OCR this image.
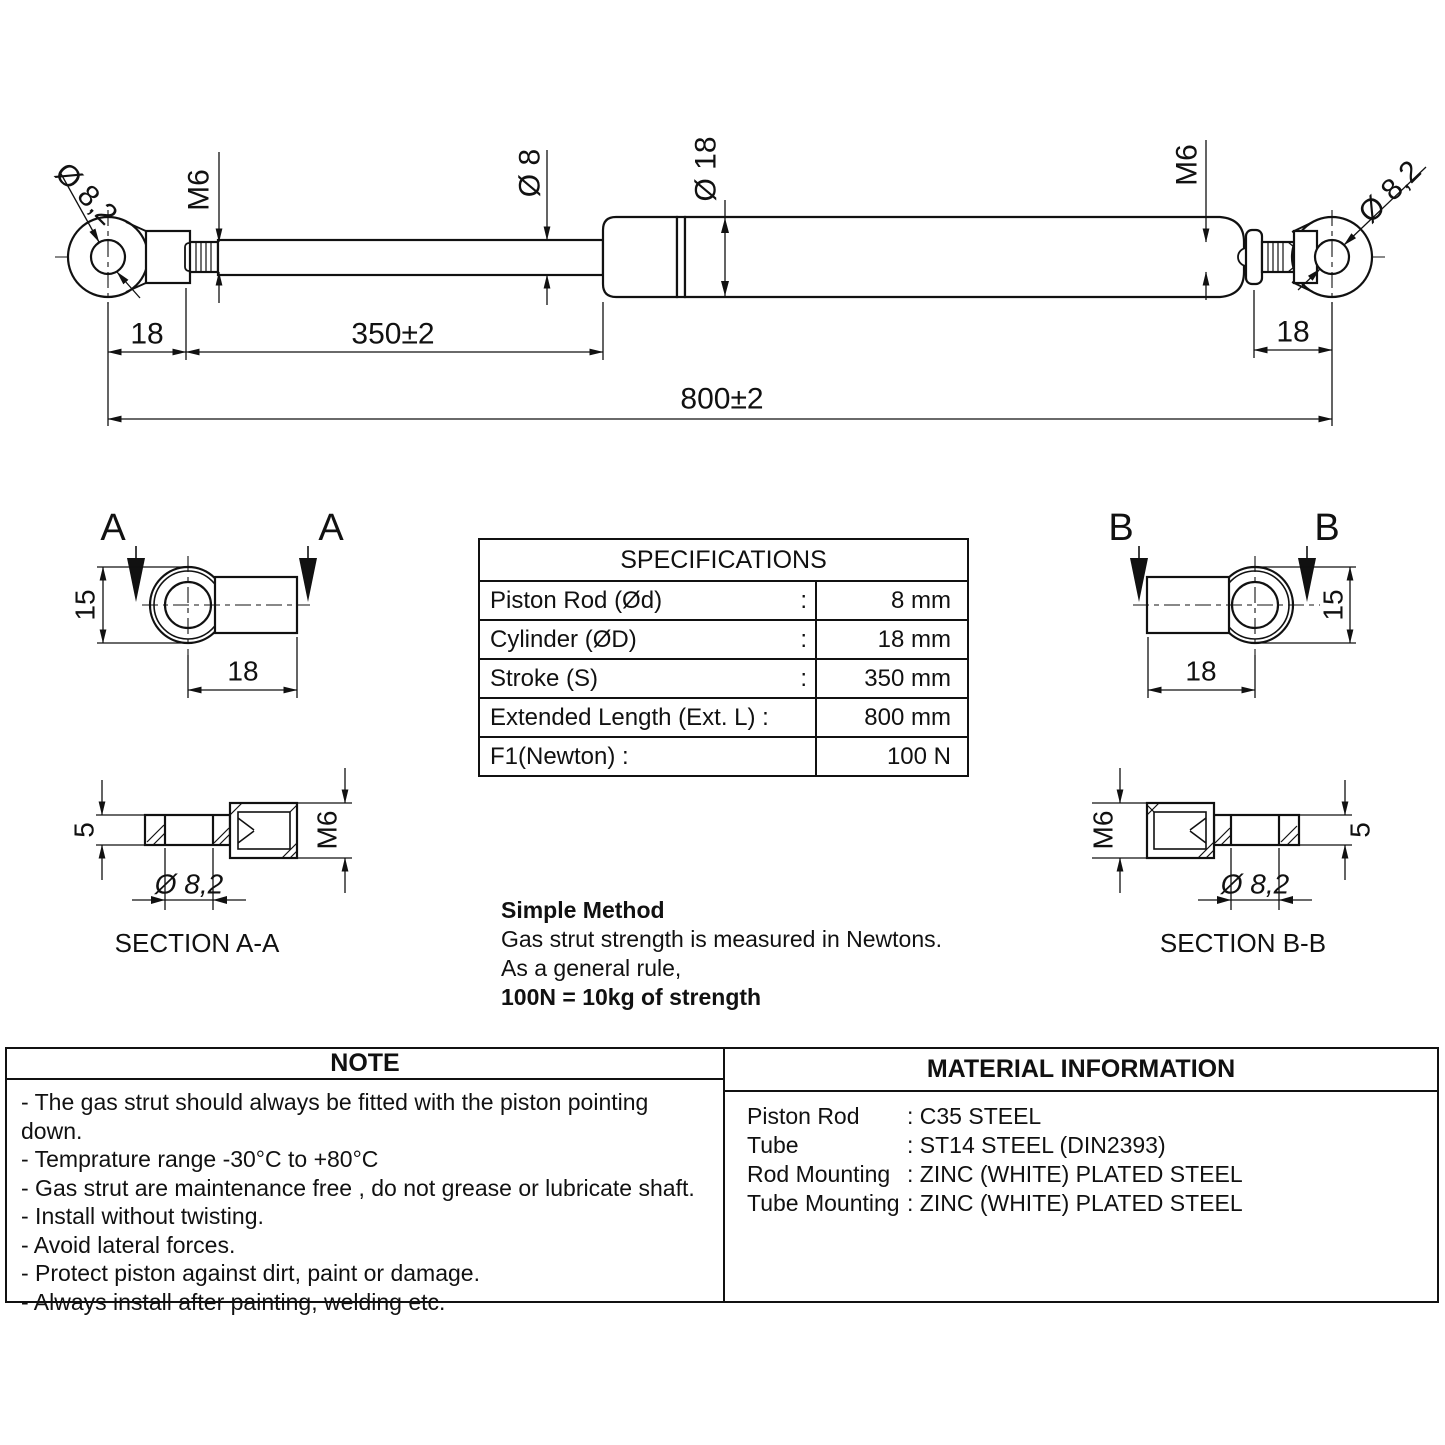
Ø 8,2 M6	Ø 8	Ø 18	M6	Ø 8,2
18	350±2
800±2
18
A	A
15
18
5	M6
Ø 8,2
SECTION A-A
B	B
15
18
M6	5
Ø 8,2
SECTION B-B
SPECIFICATIONS
Piston Rod (Ød)	:	8 mm
Cylinder (ØD)	:	18 mm
Stroke (S)	:	350 mm
Extended Length (Ext. L) :	800 mm
F1(Newton) :	100 N
Simple Method
Gas strut strength is measured in Newtons.
As a general rule,
100N = 10kg of strength
NOTE
- The gas strut should always be fitted with the piston pointing down.
- Temprature range -30°C to +80°C
- Gas strut are maintenance free , do not grease or lubricate shaft.
- Install without twisting.
- Avoid lateral forces.
- Protect piston against dirt, paint or damage.
- Always install after painting, welding etc.
MATERIAL INFORMATION
Piston Rod	: C35 STEEL
Tube	: ST14 STEEL (DIN2393)
Rod Mounting : ZINC (WHITE) PLATED STEEL
Tube Mounting : ZINC (WHITE) PLATED STEEL
